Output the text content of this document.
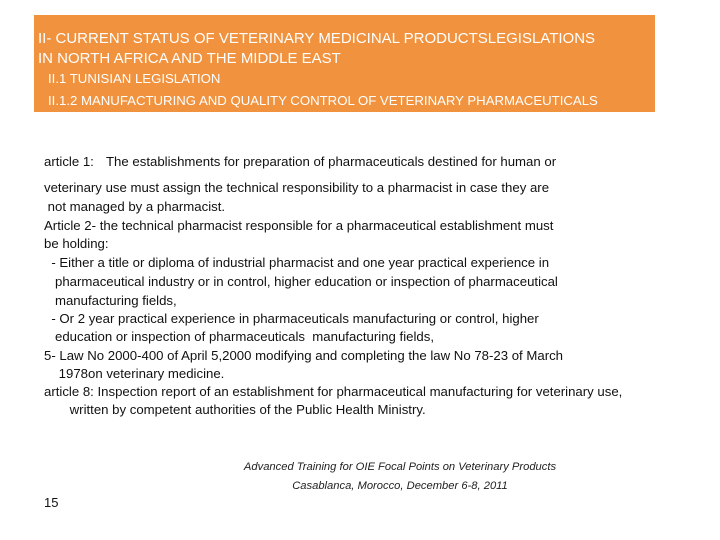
II- CURRENT STATUS OF VETERINARY MEDICINAL PRODUCTSLEGISLATIONS
IN NORTH AFRICA AND THE MIDDLE EAST
II.1 TUNISIAN LEGISLATION
II.1.2 MANUFACTURING AND QUALITY CONTROL OF VETERINARY PHARMACEUTICALS
article 1: The establishments for preparation of pharmaceuticals destined for human or
veterinary use must assign the technical responsibility to a pharmacist in case they are
not managed by a pharmacist.
Article 2- the technical pharmacist responsible for a pharmaceutical establishment must
be holding:
- Either a title or diploma of industrial pharmacist and one year practical experience in
pharmaceutical industry or in control, higher education or inspection of pharmaceutical
manufacturing fields,
- Or 2 year practical experience in pharmaceuticals manufacturing or control, higher
education or inspection of pharmaceuticals  manufacturing fields,
5- Law No 2000-400 of April 5,2000 modifying and completing the law No 78-23 of March
1978on veterinary medicine.
article 8: Inspection report of an establishment for pharmaceutical manufacturing for veterinary use,
written by competent authorities of the Public Health Ministry.
Advanced Training for OIE Focal Points on Veterinary Products
Casablanca, Morocco, December 6-8, 2011
15
